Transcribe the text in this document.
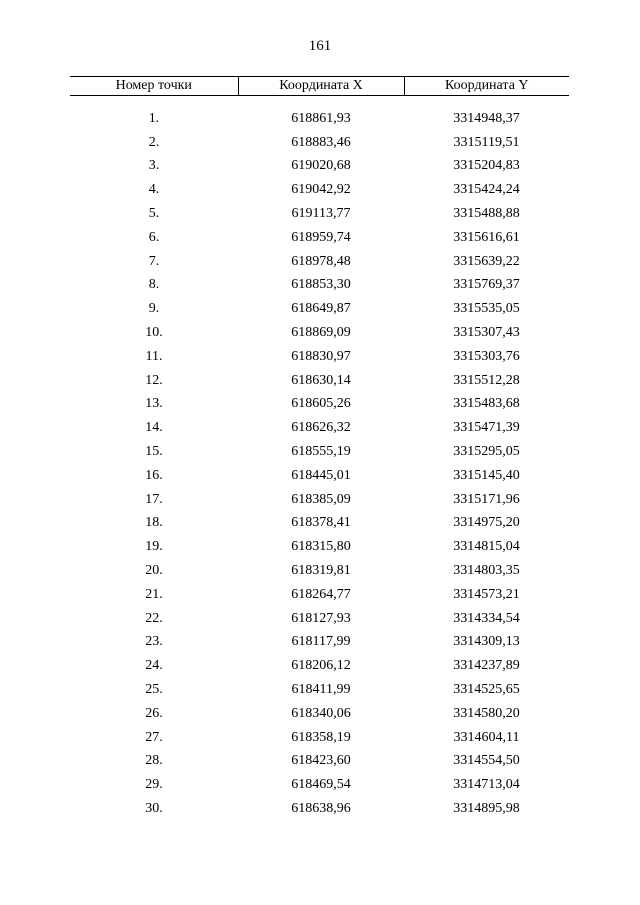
161
Номер точки	Координата X	Координата Y

1.	618861,93	3314948,37
2.	618883,46	3315119,51
3.	619020,68	3315204,83
4.	619042,92	3315424,24
5.	619113,77	3315488,88
6.	618959,74	3315616,61
7.	618978,48	3315639,22
8.	618853,30	3315769,37
9.	618649,87	3315535,05
10.	618869,09	3315307,43
11.	618830,97	3315303,76
12.	618630,14	3315512,28
13.	618605,26	3315483,68
14.	618626,32	3315471,39
15.	618555,19	3315295,05
16.	618445,01	3315145,40
17.	618385,09	3315171,96
18.	618378,41	3314975,20
19.	618315,80	3314815,04
20.	618319,81	3314803,35
21.	618264,77	3314573,21
22.	618127,93	3314334,54
23.	618117,99	3314309,13
24.	618206,12	3314237,89
25.	618411,99	3314525,65
26.	618340,06	3314580,20
27.	618358,19	3314604,11
28.	618423,60	3314554,50
29.	618469,54	3314713,04
30.	618638,96	3314895,98
